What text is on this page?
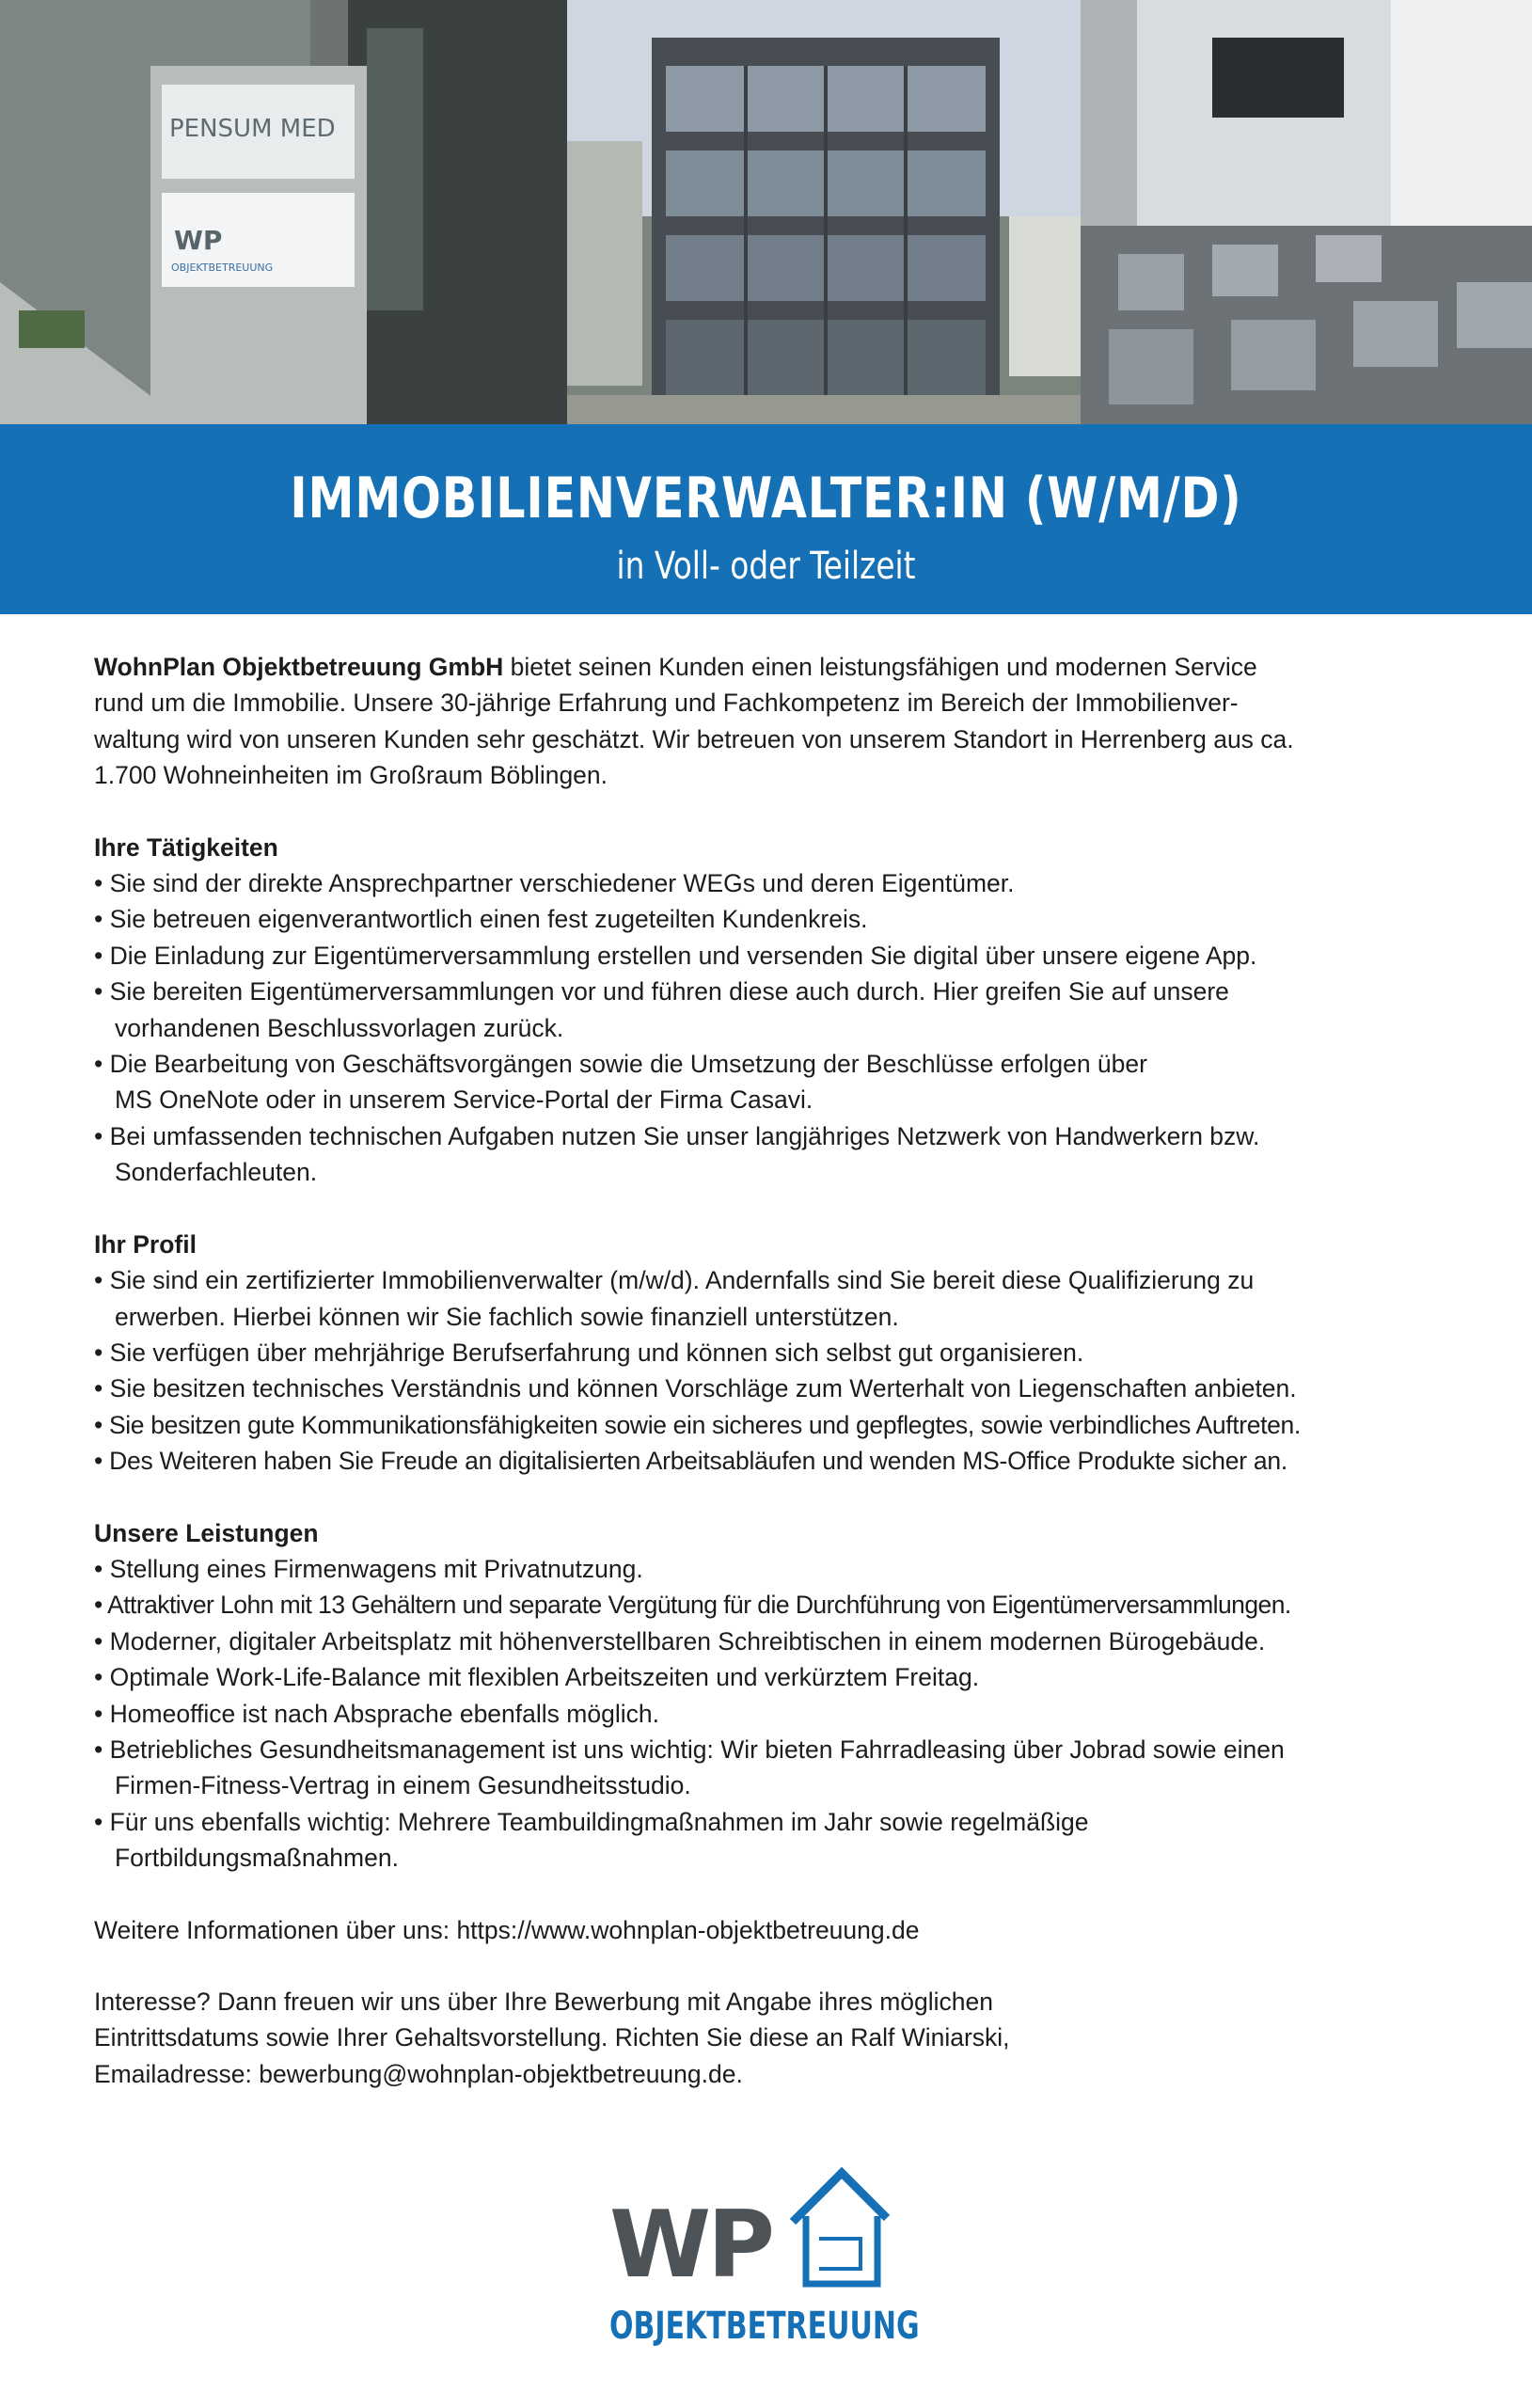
PENSUM MED
WP
OBJEKTBETREUUNG
IMMOBILIENVERWALTER:IN (W/M/D)
in Voll- oder Teilzeit

WohnPlan Objektbetreuung GmbH bietet seinen Kunden einen leistungsfähigen und modernen Service
rund um die Immobilie. Unsere 30-jährige Erfahrung und Fachkompetenz im Bereich der Immobilienver-
waltung wird von unseren Kunden sehr geschätzt. Wir betreuen von unserem Standort in Herrenberg aus ca.
1.700 Wohneinheiten im Großraum Böblingen.

Ihre Tätigkeiten

• Sie sind der direkte Ansprechpartner verschiedener WEGs und deren Eigentümer.
• Sie betreuen eigenverantwortlich einen fest zugeteilten Kundenkreis.
• Die Einladung zur Eigentümerversammlung erstellen und versenden Sie digital über unsere eigene App.
• Sie bereiten Eigentümerversammlungen vor und führen diese auch durch. Hier greifen Sie auf unsere
vorhandenen Beschlussvorlagen zurück.
• Die Bearbeitung von Geschäftsvorgängen sowie die Umsetzung der Beschlüsse erfolgen über
MS OneNote oder in unserem Service-Portal der Firma Casavi.
• Bei umfassenden technischen Aufgaben nutzen Sie unser langjähriges Netzwerk von Handwerkern bzw.
Sonderfachleuten.

Ihr Profil

• Sie sind ein zertifizierter Immobilienverwalter (m/w/d). Andernfalls sind Sie bereit diese Qualifizierung zu
erwerben. Hierbei können wir Sie fachlich sowie finanziell unterstützen.
• Sie verfügen über mehrjährige Berufserfahrung und können sich selbst gut organisieren.
• Sie besitzen technisches Verständnis und können Vorschläge zum Werterhalt von Liegenschaften anbieten.
• Sie besitzen gute Kommunikationsfähigkeiten sowie ein sicheres und gepflegtes, sowie verbindliches Auftreten.
• Des Weiteren haben Sie Freude an digitalisierten Arbeitsabläufen und wenden MS-Office Produkte sicher an.

Unsere Leistungen

• Stellung eines Firmenwagens mit Privatnutzung.
• Attraktiver Lohn mit 13 Gehältern und separate Vergütung für die Durchführung von Eigentümerversammlungen.
• Moderner, digitaler Arbeitsplatz mit höhenverstellbaren Schreibtischen in einem modernen Bürogebäude.
• Optimale Work-Life-Balance mit flexiblen Arbeitszeiten und verkürztem Freitag.
• Homeoffice ist nach Absprache ebenfalls möglich.
• Betriebliches Gesundheitsmanagement ist uns wichtig: Wir bieten Fahrradleasing über Jobrad sowie einen
Firmen-Fitness-Vertrag in einem Gesundheitsstudio.
• Für uns ebenfalls wichtig: Mehrere Teambuildingmaßnahmen im Jahr sowie regelmäßige
Fortbildungsmaßnahmen.

Weitere Informationen über uns: https://www.wohnplan-objektbetreuung.de

Interesse? Dann freuen wir uns über Ihre Bewerbung mit Angabe ihres möglichen
Eintrittsdatums sowie Ihrer Gehaltsvorstellung. Richten Sie diese an Ralf Winiarski,
Emailadresse: bewerbung@wohnplan-objektbetreuung.de.

WP
OBJEKTBETREUUNG
